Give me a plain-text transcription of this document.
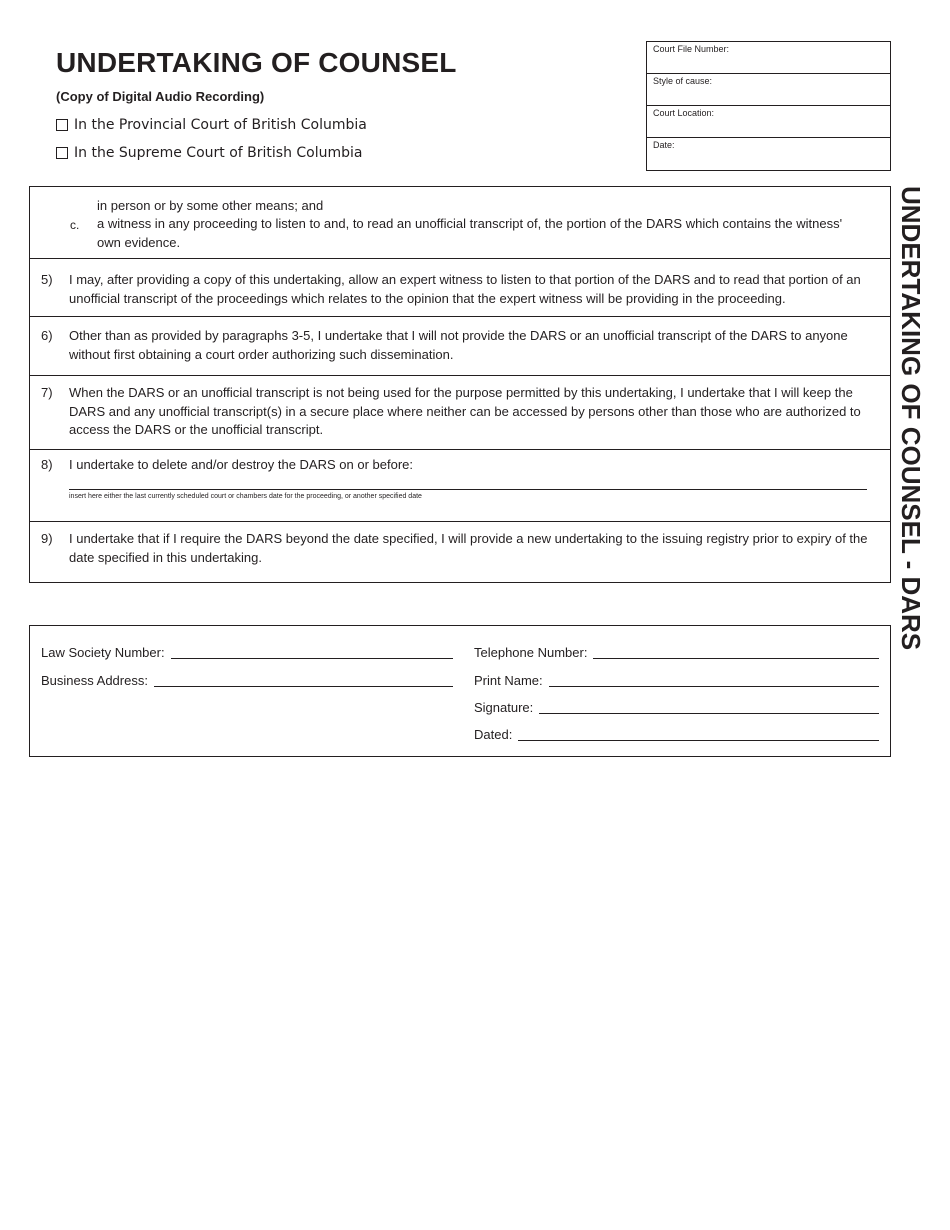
UNDERTAKING OF COUNSEL
(Copy of Digital Audio Recording)
In the Provincial Court of British Columbia
In the Supreme Court of British Columbia
Court File Number:
Style of cause:
Court Location:
Date:
UNDERTAKING OF COUNSEL - DARS
in person or by some other means; and
c. a witness in any proceeding to listen to and, to read an unofficial transcript of, the portion of the DARS which contains the witness' own evidence.
5) I may, after providing a copy of this undertaking, allow an expert witness to listen to that portion of the DARS and to read that portion of an unofficial transcript of the proceedings which relates to the opinion that the expert witness will be providing in the proceeding.
6) Other than as provided by paragraphs 3-5, I undertake that I will not provide the DARS or an unofficial transcript of the DARS to anyone without first obtaining a court order authorizing such dissemination.
7) When the DARS or an unofficial transcript is not being used for the purpose permitted by this undertaking, I undertake that I will keep the DARS and any unofficial transcript(s) in a secure place where neither can be accessed by persons other than those who are authorized to access the DARS or the unofficial transcript.
8) I undertake to delete and/or destroy the DARS on or before:
insert here either the last currently scheduled court or chambers date for the proceeding, or another specified date
9) I undertake that if I require the DARS beyond the date specified, I will provide a new undertaking to the issuing registry prior to expiry of the date specified in this undertaking.
Law Society Number:
Business Address:
Telephone Number:
Print Name:
Signature:
Dated:
